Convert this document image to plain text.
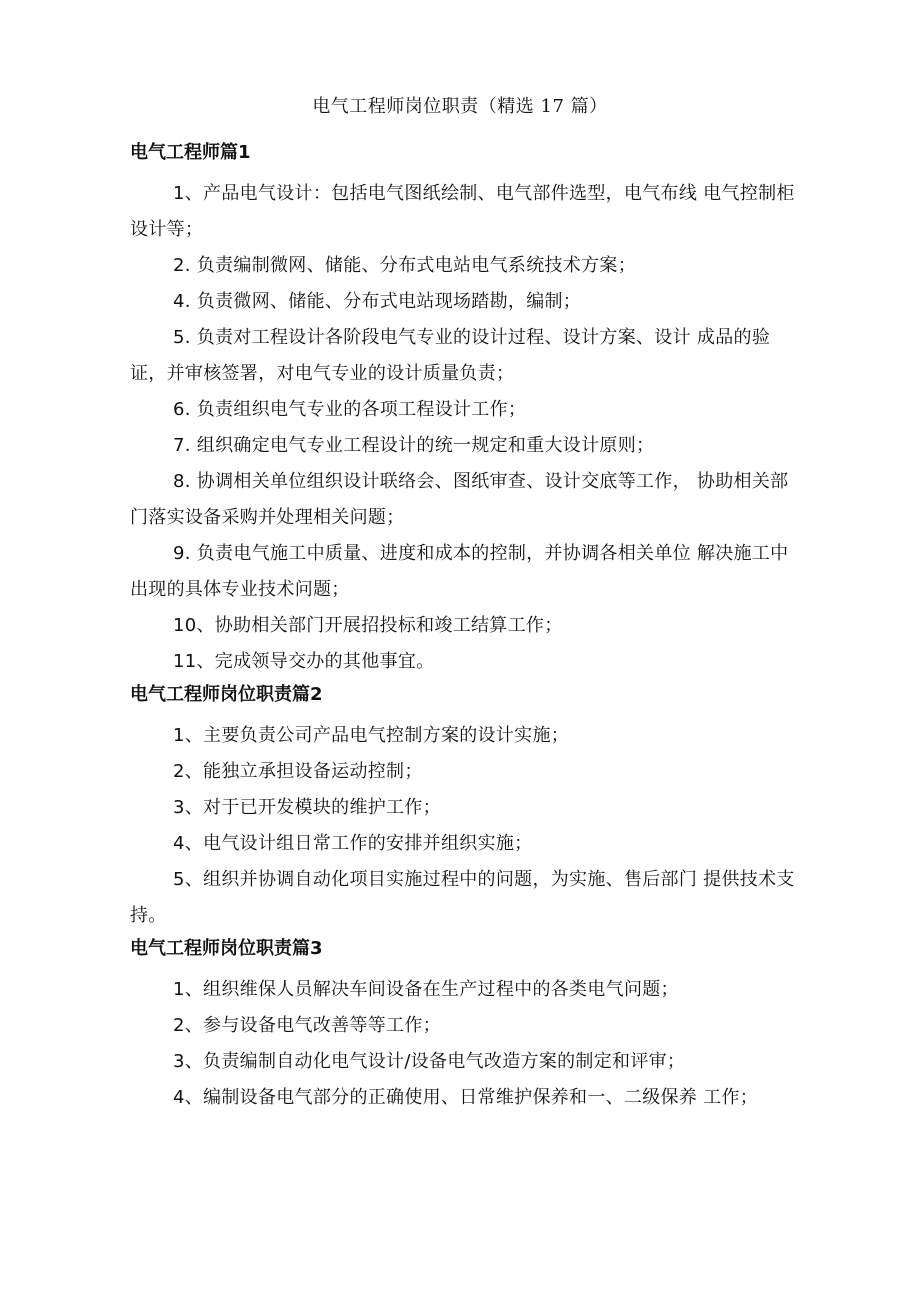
电气工程师岗位职责（精选 17 篇）
电气工程师篇1

1、产品电气设计：包括电气图纸绘制、电气部件选型，电气布线 电气控制柜设计等；

2. 负责编制微网、储能、分布式电站电气系统技术方案；

4. 负责微网、储能、分布式电站现场踏勘，编制；

5. 负责对工程设计各阶段电气专业的设计过程、设计方案、设计 成品的验证，并审核签署，对电气专业的设计质量负责；

6. 负责组织电气专业的各项工程设计工作；

7. 组织确定电气专业工程设计的统一规定和重大设计原则；

8. 协调相关单位组织设计联络会、图纸审查、设计交底等工作， 协助相关部门落实设备采购并处理相关问题；

9. 负责电气施工中质量、进度和成本的控制，并协调各相关单位 解决施工中出现的具体专业技术问题；

10、协助相关部门开展招投标和竣工结算工作；

11、完成领导交办的其他事宜。

电气工程师岗位职责篇2

1、主要负责公司产品电气控制方案的设计实施；

2、能独立承担设备运动控制；

3、对于已开发模块的维护工作；

4、电气设计组日常工作的安排并组织实施；

5、组织并协调自动化项目实施过程中的问题，为实施、售后部门 提供技术支持。

电气工程师岗位职责篇3

1、组织维保人员解决车间设备在生产过程中的各类电气问题；

2、参与设备电气改善等等工作；

3、负责编制自动化电气设计/设备电气改造方案的制定和评审；

4、编制设备电气部分的正确使用、日常维护保养和一、二级保养 工作；
